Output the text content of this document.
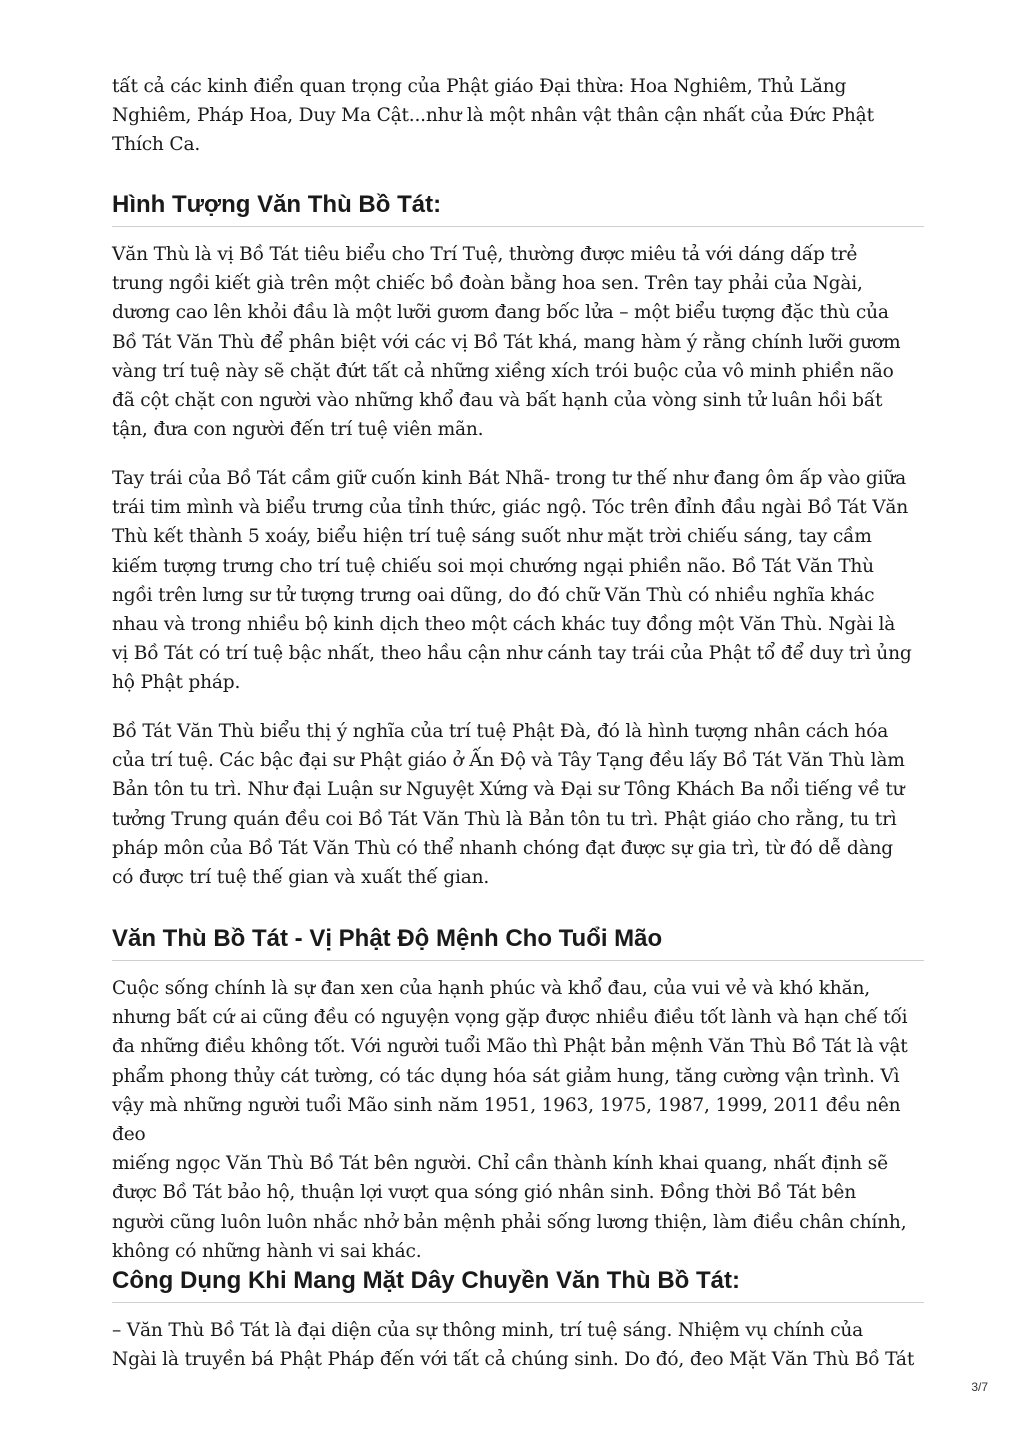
tất cả các kinh điển quan trọng của Phật giáo Đại thừa: Hoa Nghiêm, Thủ Lăng
Nghiêm, Pháp Hoa, Duy Ma Cật...như là một nhân vật thân cận nhất của Đức Phật
Thích Ca.

Hình Tượng Văn Thù Bồ Tát:

Văn Thù là vị Bồ Tát tiêu biểu cho Trí Tuệ, thường được miêu tả với dáng dấp trẻ
trung ngồi kiết già trên một chiếc bồ đoàn bằng hoa sen. Trên tay phải của Ngài,
dương cao lên khỏi đầu là một lưỡi gươm đang bốc lửa – một biểu tượng đặc thù của
Bồ Tát Văn Thù để phân biệt với các vị Bồ Tát khá, mang hàm ý rằng chính lưỡi gươm
vàng trí tuệ này sẽ chặt đứt tất cả những xiềng xích trói buộc của vô minh phiền não
đã cột chặt con người vào những khổ đau và bất hạnh của vòng sinh tử luân hồi bất
tận, đưa con người đến trí tuệ viên mãn.

Tay trái của Bồ Tát cầm giữ cuốn kinh Bát Nhã- trong tư thế như đang ôm ấp vào giữa
trái tim mình và biểu trưng của tỉnh thức, giác ngộ. Tóc trên đỉnh đầu ngài Bồ Tát Văn
Thù kết thành 5 xoáy, biểu hiện trí tuệ sáng suốt như mặt trời chiếu sáng, tay cầm
kiếm tượng trưng cho trí tuệ chiếu soi mọi chướng ngại phiền não. Bồ Tát Văn Thù
ngồi trên lưng sư tử tượng trưng oai dũng, do đó chữ Văn Thù có nhiều nghĩa khác
nhau và trong nhiều bộ kinh dịch theo một cách khác tuy đồng một Văn Thù. Ngài là
vị Bồ Tát có trí tuệ bậc nhất, theo hầu cận như cánh tay trái của Phật tổ để duy trì ủng
hộ Phật pháp.

Bồ Tát Văn Thù biểu thị ý nghĩa của trí tuệ Phật Đà, đó là hình tượng nhân cách hóa
của trí tuệ. Các bậc đại sư Phật giáo ở Ấn Độ và Tây Tạng đều lấy Bồ Tát Văn Thù làm
Bản tôn tu trì. Như đại Luận sư Nguyệt Xứng và Đại sư Tông Khách Ba nổi tiếng về tư
tưởng Trung quán đều coi Bồ Tát Văn Thù là Bản tôn tu trì. Phật giáo cho rằng, tu trì
pháp môn của Bồ Tát Văn Thù có thể nhanh chóng đạt được sự gia trì, từ đó dễ dàng
có được trí tuệ thế gian và xuất thế gian.

Văn Thù Bồ Tát - Vị Phật Độ Mệnh Cho Tuổi Mão

Cuộc sống chính là sự đan xen của hạnh phúc và khổ đau, của vui vẻ và khó khăn,
nhưng bất cứ ai cũng đều có nguyện vọng gặp được nhiều điều tốt lành và hạn chế tối
đa những điều không tốt. Với người tuổi Mão thì Phật bản mệnh Văn Thù Bồ Tát là vật
phẩm phong thủy cát tường, có tác dụng hóa sát giảm hung, tăng cường vận trình. Vì
vậy mà những người tuổi Mão sinh năm 1951, 1963, 1975, 1987, 1999, 2011 đều nên đeo
miếng ngọc Văn Thù Bồ Tát bên người. Chỉ cần thành kính khai quang, nhất định sẽ
được Bồ Tát bảo hộ, thuận lợi vượt qua sóng gió nhân sinh. Đồng thời Bồ Tát bên
người cũng luôn luôn nhắc nhở bản mệnh phải sống lương thiện, làm điều chân chính,
không có những hành vi sai khác.

Công Dụng Khi Mang Mặt Dây Chuyền Văn Thù Bồ Tát:

– Văn Thù Bồ Tát là đại diện của sự thông minh, trí tuệ sáng. Nhiệm vụ chính của
Ngài là truyền bá Phật Pháp đến với tất cả chúng sinh. Do đó, đeo Mặt Văn Thù Bồ Tát

3/7
